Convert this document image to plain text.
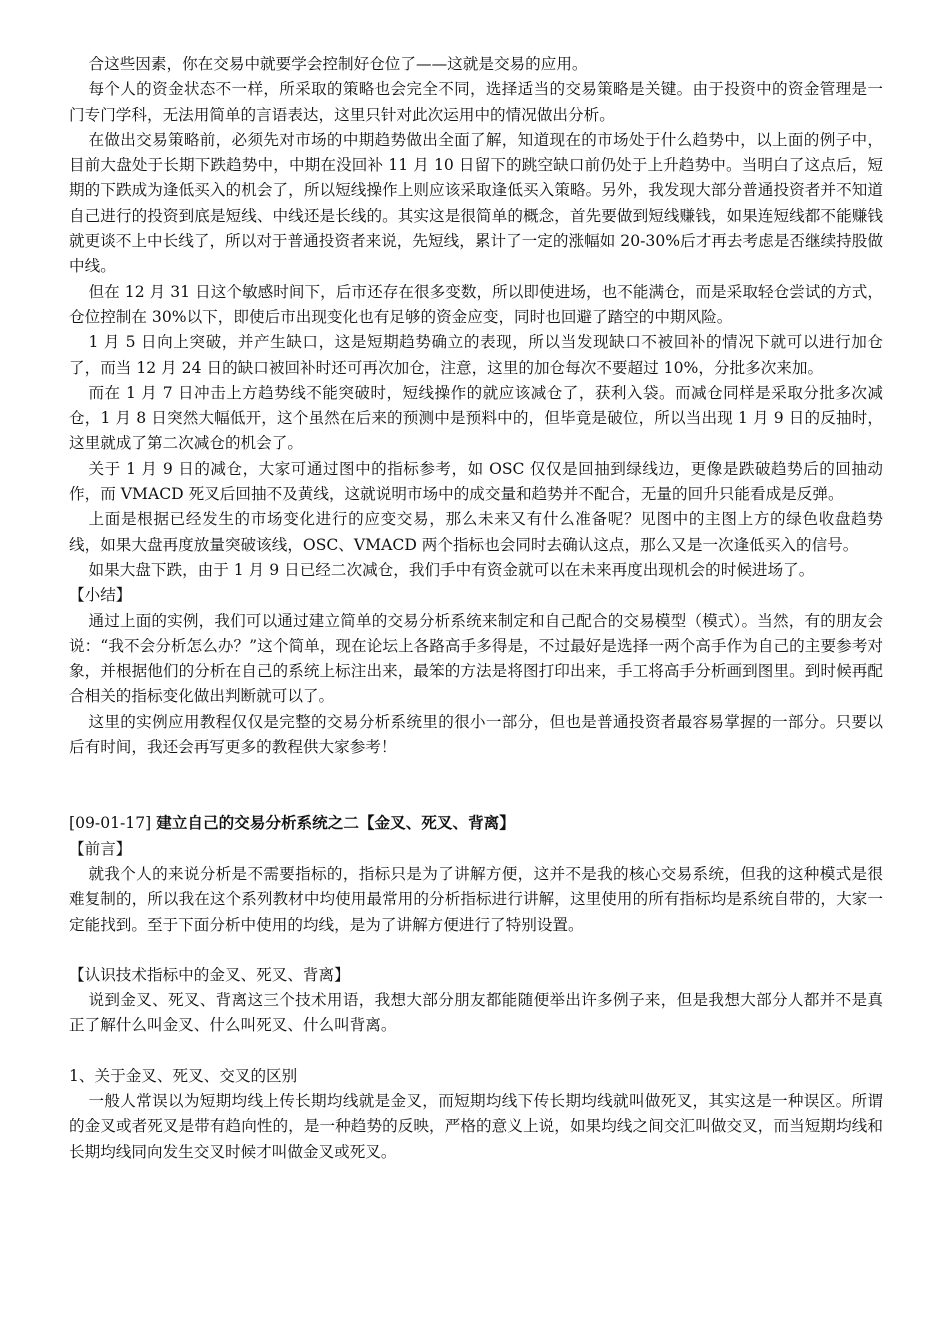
合这些因素，你在交易中就要学会控制好仓位了——这就是交易的应用。

每个人的资金状态不一样，所采取的策略也会完全不同，选择适当的交易策略是关键。由于投资中的资金管理是一门专门学科，无法用简单的言语表达，这里只针对此次运用中的情况做出分析。

在做出交易策略前，必须先对市场的中期趋势做出全面了解，知道现在的市场处于什么趋势中，以上面的例子中，目前大盘处于长期下跌趋势中，中期在没回补 11 月 10 日留下的跳空缺口前仍处于上升趋势中。当明白了这点后，短期的下跌成为逢低买入的机会了，所以短线操作上则应该采取逢低买入策略。另外，我发现大部分普通投资者并不知道自己进行的投资到底是短线、中线还是长线的。其实这是很简单的概念，首先要做到短线赚钱，如果连短线都不能赚钱就更谈不上中长线了，所以对于普通投资者来说，先短线，累计了一定的涨幅如 20-30%后才再去考虑是否继续持股做中线。

但在 12 月 31 日这个敏感时间下，后市还存在很多变数，所以即使进场，也不能满仓，而是采取轻仓尝试的方式，仓位控制在 30%以下，即使后市出现变化也有足够的资金应变，同时也回避了踏空的中期风险。

1 月 5 日向上突破，并产生缺口，这是短期趋势确立的表现，所以当发现缺口不被回补的情况下就可以进行加仓了，而当 12 月 24 日的缺口被回补时还可再次加仓，注意，这里的加仓每次不要超过 10%，分批多次来加。

而在 1 月 7 日冲击上方趋势线不能突破时，短线操作的就应该减仓了，获利入袋。而减仓同样是采取分批多次减仓，1 月 8 日突然大幅低开，这个虽然在后来的预测中是预料中的，但毕竟是破位，所以当出现 1 月 9 日的反抽时，这里就成了第二次减仓的机会了。

关于 1 月 9 日的减仓，大家可通过图中的指标参考，如 OSC 仅仅是回抽到绿线边，更像是跌破趋势后的回抽动作，而 VMACD 死叉后回抽不及黄线，这就说明市场中的成交量和趋势并不配合，无量的回升只能看成是反弹。

上面是根据已经发生的市场变化进行的应变交易，那么未来又有什么准备呢？见图中的主图上方的绿色收盘趋势线，如果大盘再度放量突破该线，OSC、VMACD 两个指标也会同时去确认这点，那么又是一次逢低买入的信号。

如果大盘下跌，由于 1 月 9 日已经二次减仓，我们手中有资金就可以在未来再度出现机会的时候进场了。

【小结】

通过上面的实例，我们可以通过建立简单的交易分析系统来制定和自己配合的交易模型（模式）。当然，有的朋友会说：“我不会分析怎么办？”这个简单，现在论坛上各路高手多得是，不过最好是选择一两个高手作为自己的主要参考对象，并根据他们的分析在自己的系统上标注出来，最笨的方法是将图打印出来，手工将高手分析画到图里。到时候再配合相关的指标变化做出判断就可以了。

这里的实例应用教程仅仅是完整的交易分析系统里的很小一部分，但也是普通投资者最容易掌握的一部分。只要以后有时间，我还会再写更多的教程供大家参考！

[09-01-17] 建立自己的交易分析系统之二【金叉、死叉、背离】

【前言】

就我个人的来说分析是不需要指标的，指标只是为了讲解方便，这并不是我的核心交易系统，但我的这种模式是很难复制的，所以我在这个系列教材中均使用最常用的分析指标进行讲解，这里使用的所有指标均是系统自带的，大家一定能找到。至于下面分析中使用的均线，是为了讲解方便进行了特别设置。

【认识技术指标中的金叉、死叉、背离】

说到金叉、死叉、背离这三个技术用语，我想大部分朋友都能随便举出许多例子来，但是我想大部分人都并不是真正了解什么叫金叉、什么叫死叉、什么叫背离。

1、关于金叉、死叉、交叉的区别

一般人常误以为短期均线上传长期均线就是金叉，而短期均线下传长期均线就叫做死叉，其实这是一种误区。所谓的金叉或者死叉是带有趋向性的，是一种趋势的反映，严格的意义上说，如果均线之间交汇叫做交叉，而当短期均线和长期均线同向发生交叉时候才叫做金叉或死叉。
